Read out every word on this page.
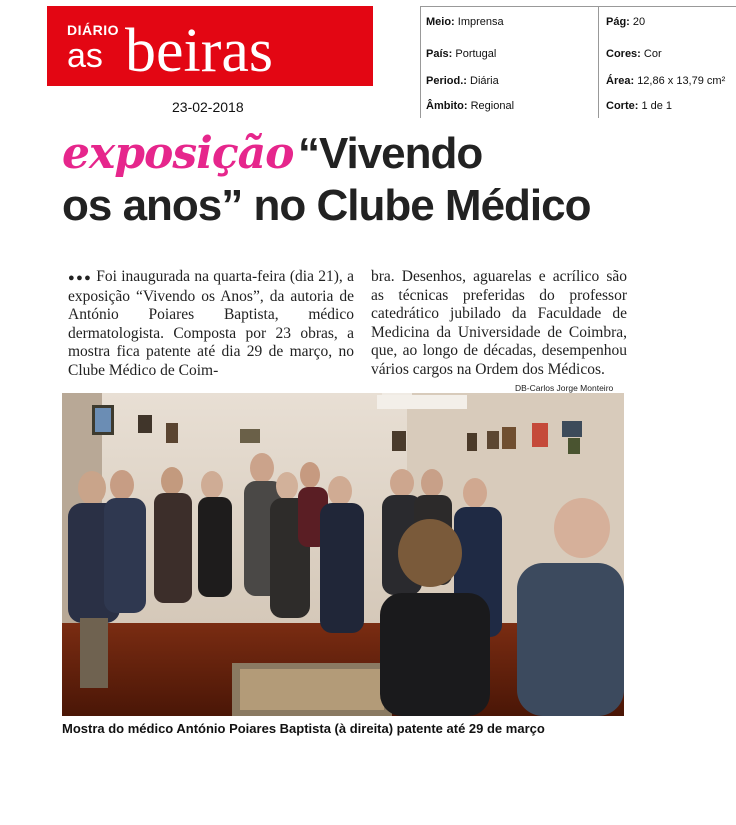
DIÁRIO
as beiras
23-02-2018
Meio: Imprensa
País: Portugal
Period.: Diária
Âmbito: Regional
Pág: 20
Cores: Cor
Área: 12,86 x 13,79 cm²
Corte: 1 de 1
exposição “Vivendo
os anos” no Clube Médico
●●● Foi inaugurada na quarta-feira (dia 21), a exposição “Vivendo os Anos”, da autoria de António Poiares Baptista, médico dermatologista. Composta por 23 obras, a mostra fica patente até dia 29 de março, no Clube Médico de Coim-
bra. Desenhos, aguarelas e acrílico são as técnicas preferidas do professor catedrático jubilado da Faculdade de Medicina da Universidade de Coimbra, que, ao longo de décadas, desempenhou vários cargos na Ordem dos Médicos.
DB-Carlos Jorge Monteiro
Mostra do médico António Poiares Baptista (à direita) patente até 29 de março
